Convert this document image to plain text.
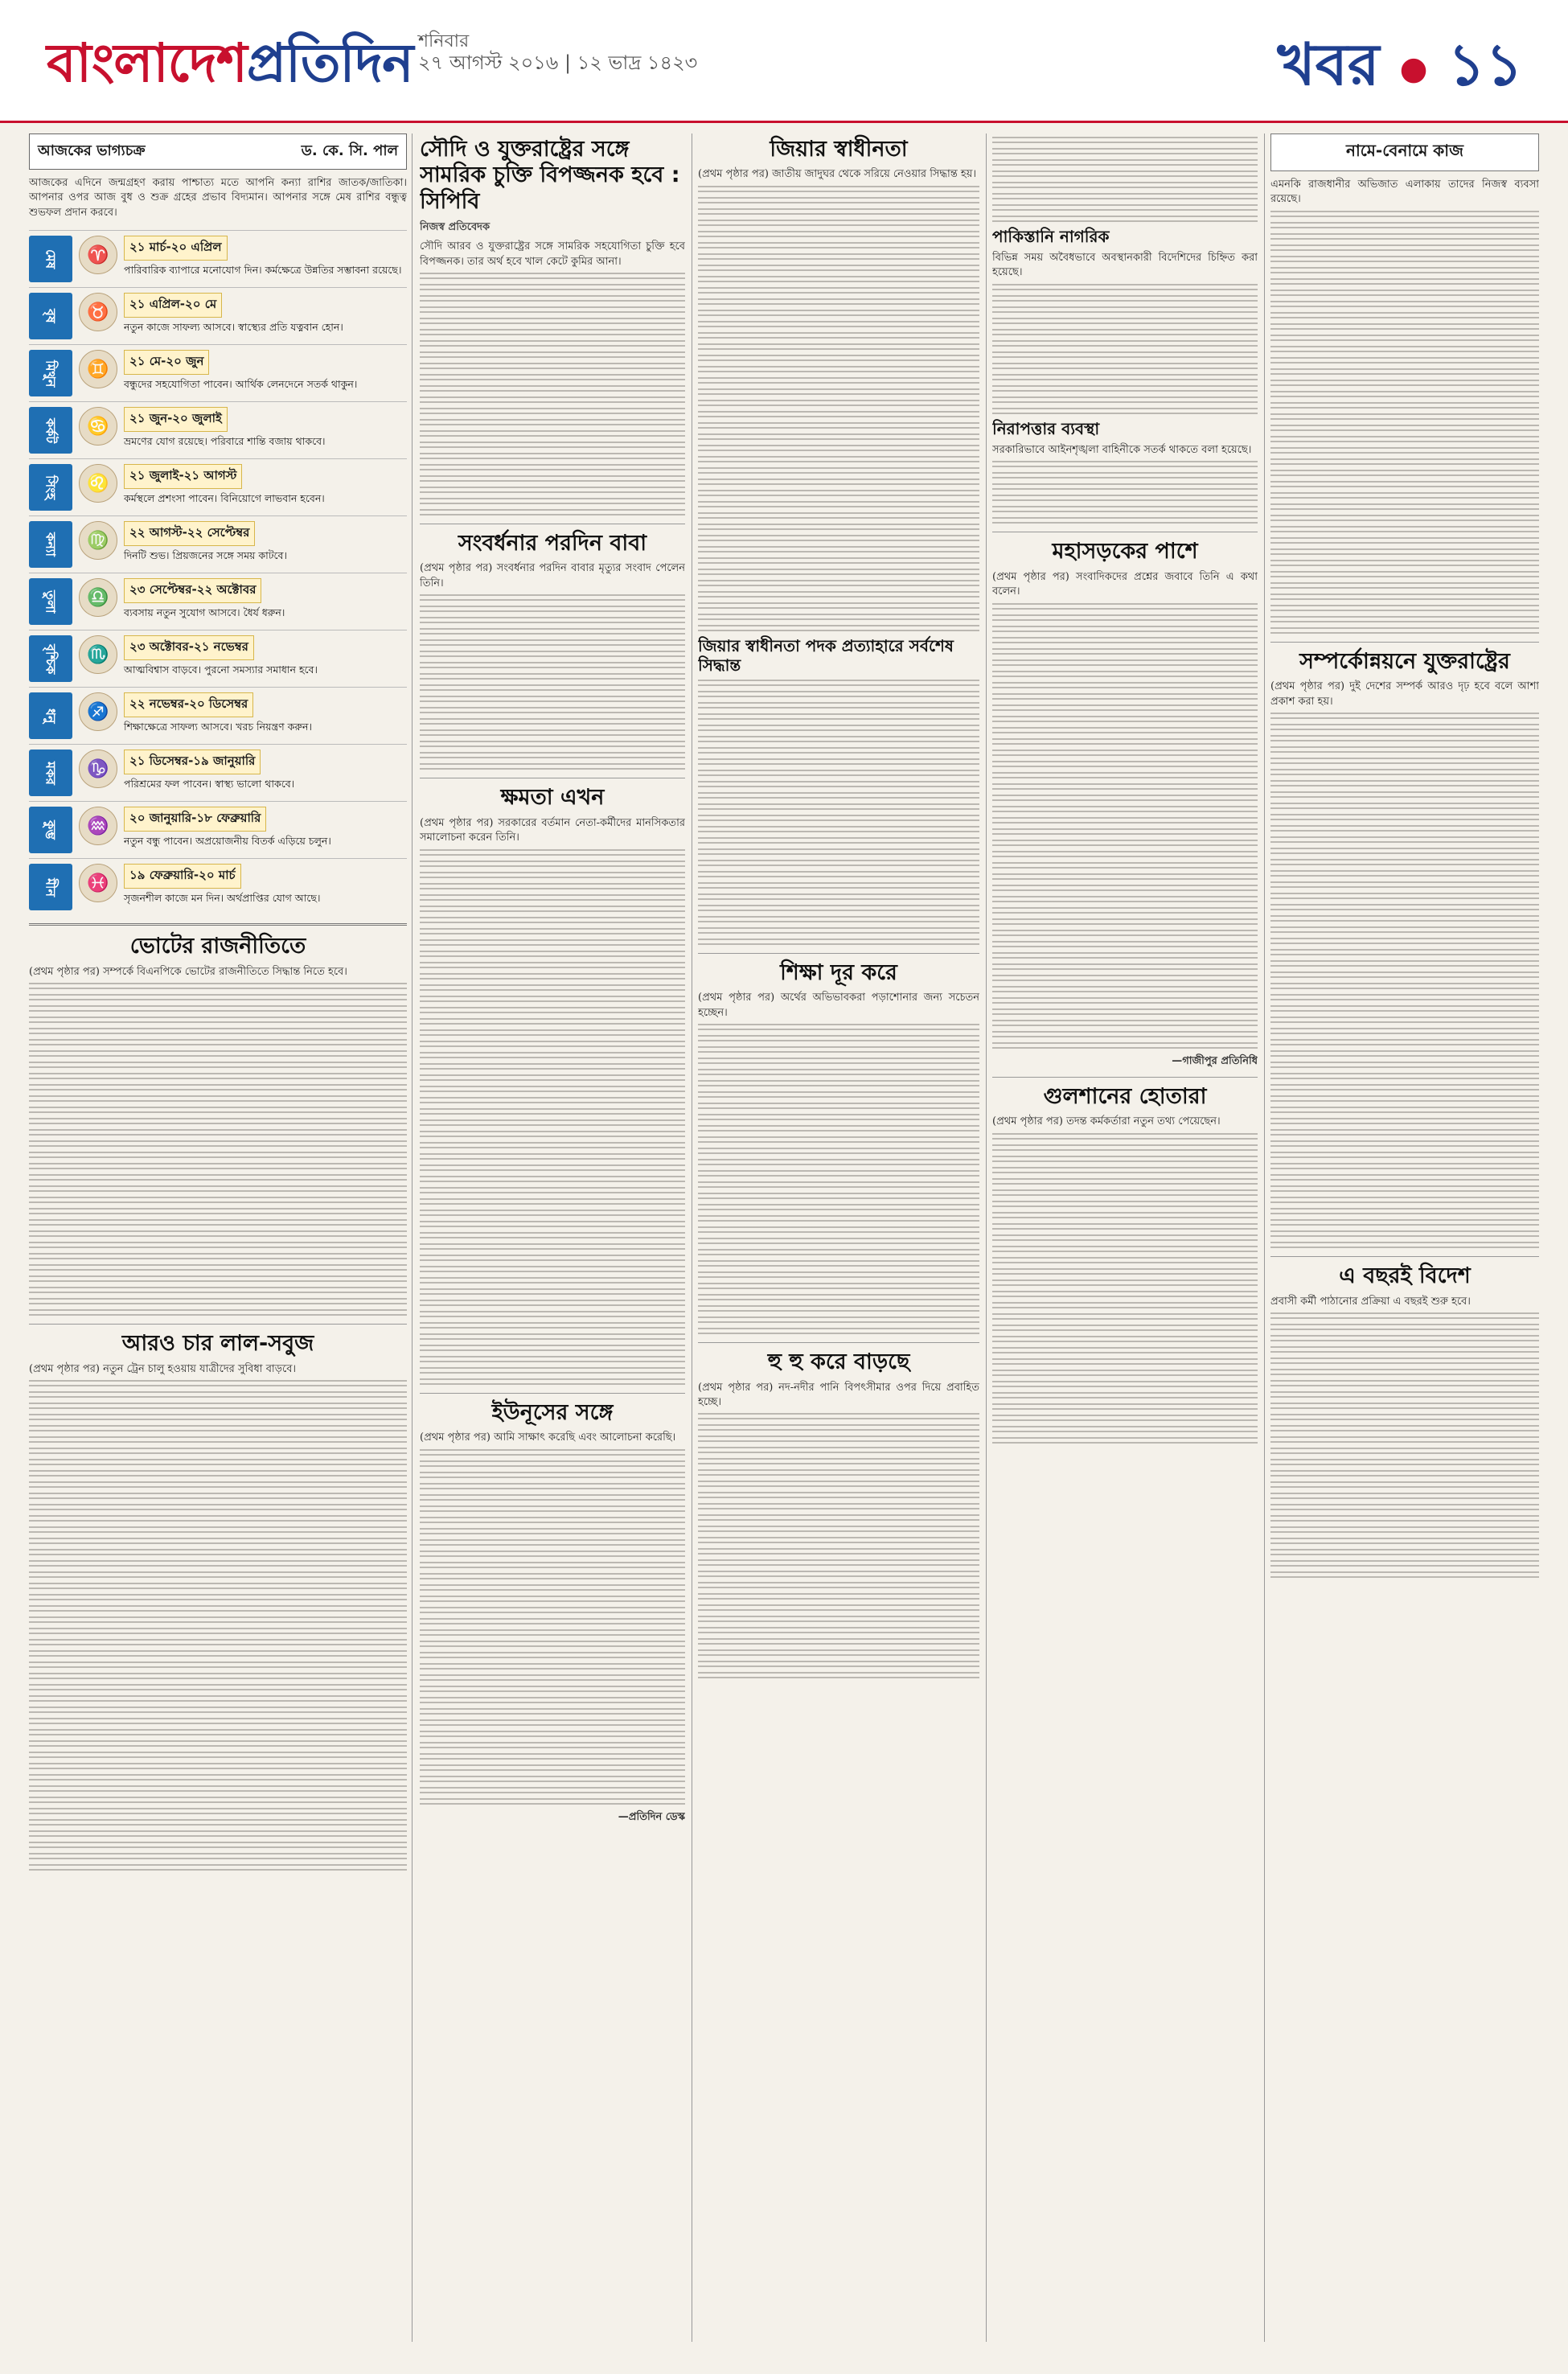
বাংলাদেশপ্রতিদিন শনিবার
২৭ আগস্ট ২০১৬ | ১২ ভাদ্র ১৪২৩	খবর ● ১১
আজকের ভাগ্যচক্র	ড. কে. সি. পাল
আজকের এদিনে জন্মগ্রহণ করায় পাশ্চাত্য মতে আপনি কন্যা রাশির জাতক/জাতিকা। আপনার ওপর আজ বুধ ও শুক্র গ্রহের প্রভাব বিদ্যমান। আপনার সঙ্গে মেষ রাশির বন্ধুত্ব শুভফল প্রদান করবে।
মেষ	♈	২১ মার্চ-২০ এপ্রিল
পারিবারিক ব্যাপারে মনোযোগ দিন। কর্মক্ষেত্রে উন্নতির সম্ভাবনা রয়েছে।
বৃষ	♉	২১ এপ্রিল-২০ মে
নতুন কাজে সাফল্য আসবে। স্বাস্থ্যের প্রতি যত্নবান হোন।
মিথুন	♊	২১ মে-২০ জুন
বন্ধুদের সহযোগিতা পাবেন। আর্থিক লেনদেনে সতর্ক থাকুন।
কর্কট	♋	২১ জুন-২০ জুলাই
ভ্রমণের যোগ রয়েছে। পরিবারে শান্তি বজায় থাকবে।
সিংহ	♌	২১ জুলাই-২১ আগস্ট
কর্মস্থলে প্রশংসা পাবেন। বিনিয়োগে লাভবান হবেন।
কন্যা	♍	২২ আগস্ট-২২ সেপ্টেম্বর
দিনটি শুভ। প্রিয়জনের সঙ্গে সময় কাটবে।
তুলা	♎	২৩ সেপ্টেম্বর-২২ অক্টোবর
ব্যবসায় নতুন সুযোগ আসবে। ধৈর্য ধরুন।
বৃশ্চিক	♏	২৩ অক্টোবর-২১ নভেম্বর
আত্মবিশ্বাস বাড়বে। পুরনো সমস্যার সমাধান হবে।
ধনু	♐	২২ নভেম্বর-২০ ডিসেম্বর
শিক্ষাক্ষেত্রে সাফল্য আসবে। খরচ নিয়ন্ত্রণ করুন।
মকর	♑	২১ ডিসেম্বর-১৯ জানুয়ারি
পরিশ্রমের ফল পাবেন। স্বাস্থ্য ভালো থাকবে।
কুম্ভ	♒	২০ জানুয়ারি-১৮ ফেব্রুয়ারি
নতুন বন্ধু পাবেন। অপ্রয়োজনীয় বিতর্ক এড়িয়ে চলুন।
মীন	♓	১৯ ফেব্রুয়ারি-২০ মার্চ
সৃজনশীল কাজে মন দিন। অর্থপ্রাপ্তির যোগ আছে।
ভোটের রাজনীতিতে
(প্রথম পৃষ্ঠার পর) সম্পর্কে বিএনপিকে ভোটের রাজনীতিতে সিদ্ধান্ত নিতে হবে।
আরও চার লাল-সবুজ
(প্রথম পৃষ্ঠার পর) নতুন ট্রেন চালু হওয়ায় যাত্রীদের সুবিধা বাড়বে।
সৌদি ও যুক্তরাষ্ট্রের সঙ্গে সামরিক চুক্তি বিপজ্জনক হবে : সিপিবি
নিজস্ব প্রতিবেদক
সৌদি আরব ও যুক্তরাষ্ট্রের সঙ্গে সামরিক সহযোগিতা চুক্তি হবে বিপজ্জনক। তার অর্থ হবে খাল কেটে কুমির আনা।
সংবর্ধনার পরদিন বাবা
(প্রথম পৃষ্ঠার পর) সংবর্ধনার পরদিন বাবার মৃত্যুর সংবাদ পেলেন তিনি।
ক্ষমতা এখন
(প্রথম পৃষ্ঠার পর) সরকারের বর্তমান নেতা-কর্মীদের মানসিকতার সমালোচনা করেন তিনি।
ইউনূসের সঙ্গে
(প্রথম পৃষ্ঠার পর) আমি সাক্ষাৎ করেছি এবং আলোচনা করেছি।
—প্রতিদিন ডেস্ক
জিয়ার স্বাধীনতা
(প্রথম পৃষ্ঠার পর) জাতীয় জাদুঘর থেকে সরিয়ে নেওয়ার সিদ্ধান্ত হয়।
জিয়ার স্বাধীনতা পদক প্রত্যাহারে সর্বশেষ সিদ্ধান্ত
শিক্ষা দূর করে
(প্রথম পৃষ্ঠার পর) অর্থের অভিভাবকরা পড়াশোনার জন্য সচেতন হচ্ছেন।
হু হু করে বাড়ছে
(প্রথম পৃষ্ঠার পর) নদ-নদীর পানি বিপৎসীমার ওপর দিয়ে প্রবাহিত হচ্ছে।
পাকিস্তানি নাগরিক
বিভিন্ন সময় অবৈধভাবে অবস্থানকারী বিদেশিদের চিহ্নিত করা হয়েছে।
নিরাপত্তার ব্যবস্থা
সরকারিভাবে আইনশৃঙ্খলা বাহিনীকে সতর্ক থাকতে বলা হয়েছে।
মহাসড়কের পাশে
(প্রথম পৃষ্ঠার পর) সংবাদিকদের প্রশ্নের জবাবে তিনি এ কথা বলেন।
—গাজীপুর প্রতিনিধি
গুলশানের হোতারা
(প্রথম পৃষ্ঠার পর) তদন্ত কর্মকর্তারা নতুন তথ্য পেয়েছেন।
নামে-বেনামে কাজ
এমনকি রাজধানীর অভিজাত এলাকায় তাদের নিজস্ব ব্যবসা রয়েছে।
সম্পর্কোন্নয়নে যুক্তরাষ্ট্রের
(প্রথম পৃষ্ঠার পর) দুই দেশের সম্পর্ক আরও দৃঢ় হবে বলে আশা প্রকাশ করা হয়।
এ বছরই বিদেশ
প্রবাসী কর্মী পাঠানোর প্রক্রিয়া এ বছরই শুরু হবে।
